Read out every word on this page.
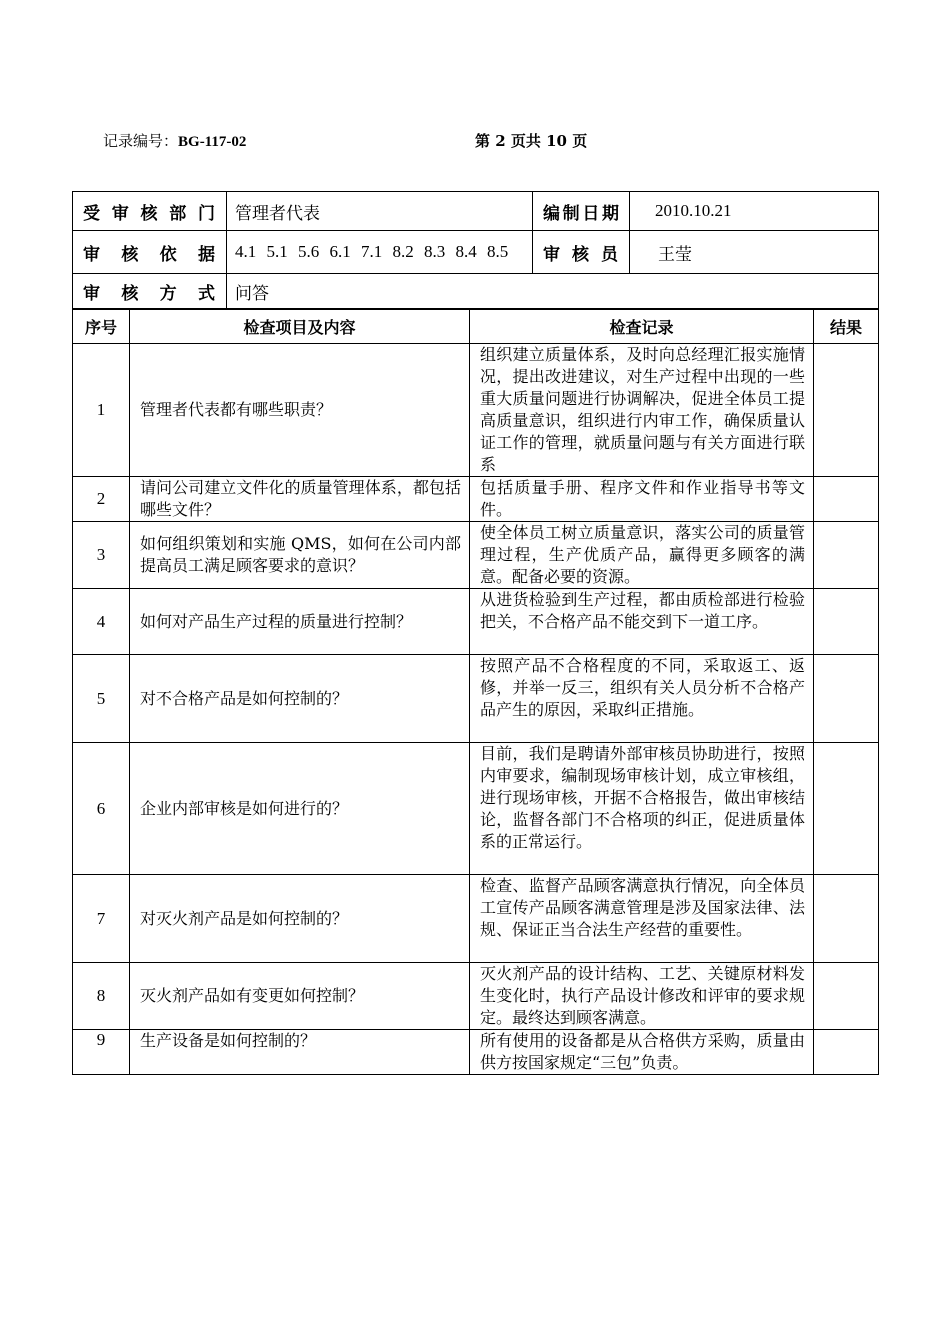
记录编号：BG-117-02	第 2 页共 10 页
受 审 核 部 门	管理者代表	编制日期	2010.10.21
审 核 依 据	4.1 5.1 5.6 6.1 7.1 8.2 8.3 8.4 8.5	审 核 员	王莹
审 核 方 式	问答		
序号	检查项目及内容	检查记录	结果
1	管理者代表都有哪些职责？	组织建立质量体系，及时向总经理汇报实施情况，提出改进建议，对生产过程中出现的一些重大质量问题进行协调解决，促进全体员工提高质量意识，组织进行内审工作，确保质量认证工作的管理，就质量问题与有关方面进行联系	
2	请问公司建立文件化的质量管理体系，都包括哪些文件？	包括质量手册、程序文件和作业指导书等文件。	
3	如何组织策划和实施 QMS，如何在公司内部提高员工满足顾客要求的意识？	使全体员工树立质量意识，落实公司的质量管理过程，生产优质产品，赢得更多顾客的满意。配备必要的资源。	
4	如何对产品生产过程的质量进行控制？	从进货检验到生产过程，都由质检部进行检验把关，不合格产品不能交到下一道工序。	
5	对不合格产品是如何控制的？	按照产品不合格程度的不同，采取返工、返修，并举一反三，组织有关人员分析不合格产品产生的原因，采取纠正措施。	
6	企业内部审核是如何进行的？	目前，我们是聘请外部审核员协助进行，按照内审要求，编制现场审核计划，成立审核组，进行现场审核，开据不合格报告，做出审核结论，监督各部门不合格项的纠正，促进质量体系的正常运行。	
7	对灭火剂产品是如何控制的？	检查、监督产品顾客满意执行情况，向全体员工宣传产品顾客满意管理是涉及国家法律、法规、保证正当合法生产经营的重要性。	
8	灭火剂产品如有变更如何控制？	灭火剂产品的设计结构、工艺、关键原材料发生变化时，执行产品设计修改和评审的要求规定。最终达到顾客满意。	
9	生产设备是如何控制的？	所有使用的设备都是从合格供方采购，质量由供方按国家规定“三包”负责。	
